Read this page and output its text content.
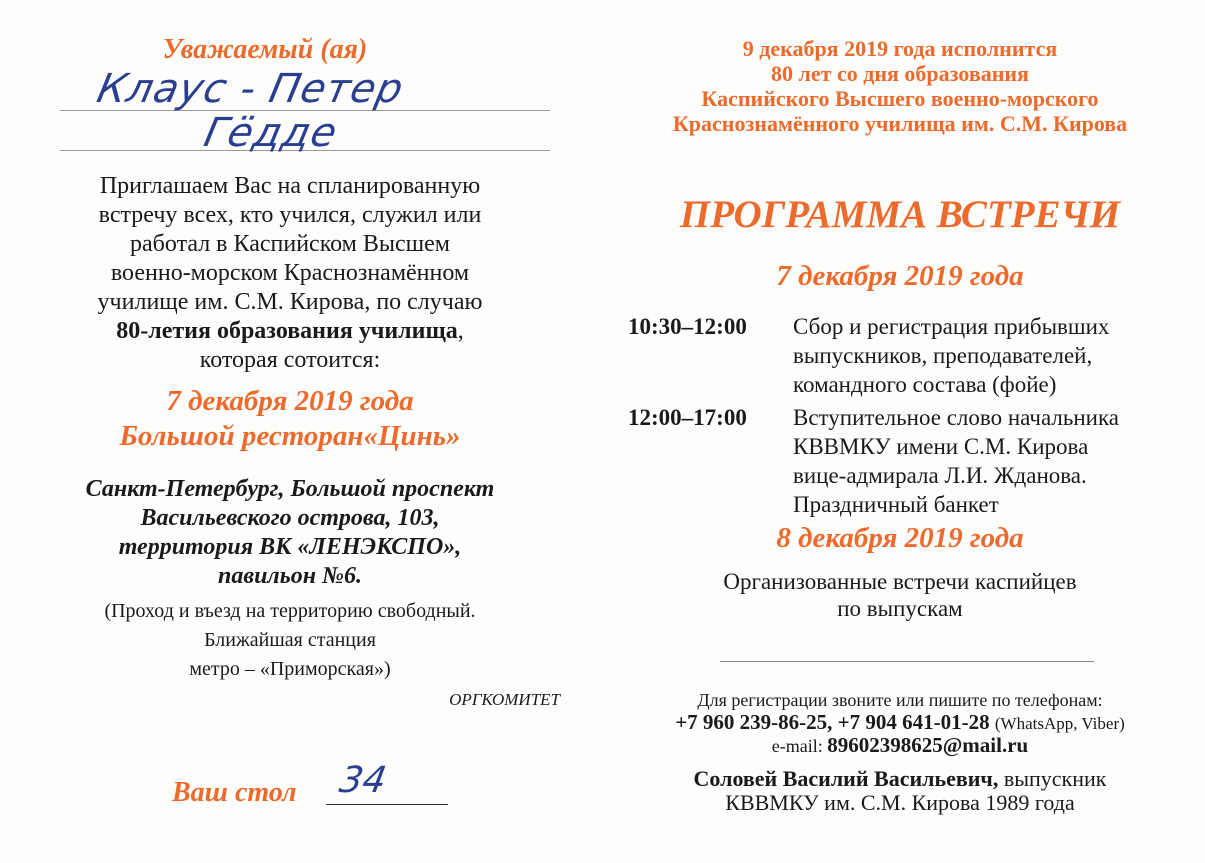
Уважаемый (ая)
Клаус - Петер
Гёдде
Приглашаем Вас на спланированную
встречу всех, кто учился, служил или
работал в Каспийском Высшем
военно-морском Краснознамённом
училище им. С.М. Кирова, по случаю
80-летия образования училища,
которая сотоится:
7 декабря 2019 года
Большой ресторан«Цинь»
Санкт-Петербург, Большой проспект
Васильевского острова, 103,
территория ВК «ЛЕНЭКСПО»,
павильон №6.
(Проход и въезд на территорию свободный.
Ближайшая станция
метро – «Приморская»)
ОРГКОМИТЕТ
Ваш стол 34
9 декабря 2019 года исполнится
80 лет со дня образования
Каспийского Высшего военно-морского
Краснознамённого училища им. С.М. Кирова
ПРОГРАММА ВСТРЕЧИ
7 декабря 2019 года
10:30–12:00	Сбор и регистрация прибывших
выпускников, преподавателей,
командного состава (фойе)
12:00–17:00	Вступительное слово начальника
КВВМКУ имени С.М. Кирова
вице-адмирала Л.И. Жданова.
Праздничный банкет
8 декабря 2019 года
Организованные встречи каспийцев
по выпускам
Для регистрации звоните или пишите по телефонам:
+7 960 239-86-25, +7 904 641-01-28 (WhatsApp, Viber)
e-mail: 89602398625@mail.ru
Соловей Василий Васильевич, выпускник
КВВМКУ им. С.М. Кирова 1989 года
